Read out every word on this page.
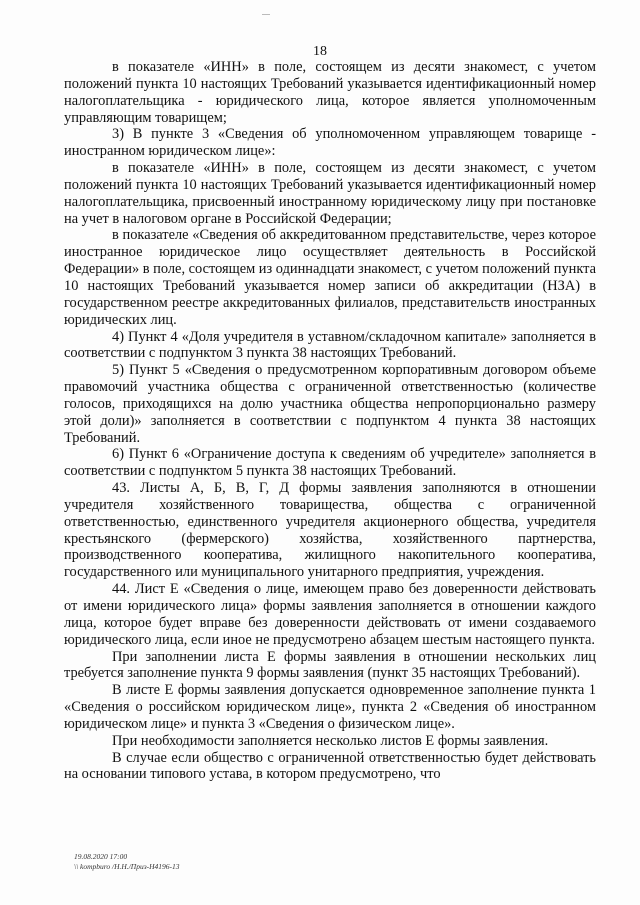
18

в показателе «ИНН» в поле, состоящем из десяти знакомест, с учетом положений пункта 10 настоящих Требований указывается идентификационный номер налогоплательщика - юридического лица, которое является уполномоченным управляющим товарищем;

3) В пункте 3 «Сведения об уполномоченном управляющем товарище - иностранном юридическом лице»:

в показателе «ИНН» в поле, состоящем из десяти знакомест, с учетом положений пункта 10 настоящих Требований указывается идентификационный номер налогоплательщика, присвоенный иностранному юридическому лицу при постановке на учет в налоговом органе в Российской Федерации;

в показателе «Сведения об аккредитованном представительстве, через которое иностранное юридическое лицо осуществляет деятельность в Российской Федерации» в поле, состоящем из одиннадцати знакомест, с учетом положений пункта 10 настоящих Требований указывается номер записи об аккредитации (НЗА) в государственном реестре аккредитованных филиалов, представительств иностранных юридических лиц.

4) Пункт 4 «Доля учредителя в уставном/складочном капитале» заполняется в соответствии с подпунктом 3 пункта 38 настоящих Требований.

5) Пункт 5 «Сведения о предусмотренном корпоративным договором объеме правомочий участника общества с ограниченной ответственностью (количестве голосов, приходящихся на долю участника общества непропорционально размеру этой доли)» заполняется в соответствии с подпунктом 4 пункта 38 настоящих Требований.

6) Пункт 6 «Ограничение доступа к сведениям об учредителе» заполняется в соответствии с подпунктом 5 пункта 38 настоящих Требований.

43. Листы А, Б, В, Г, Д формы заявления заполняются в отношении учредителя хозяйственного товарищества, общества с ограниченной ответственностью, единственного учредителя акционерного общества, учредителя крестьянского (фермерского) хозяйства, хозяйственного партнерства, производственного кооператива, жилищного накопительного кооператива, государственного или муниципального унитарного предприятия, учреждения.

44. Лист Е «Сведения о лице, имеющем право без доверенности действовать от имени юридического лица» формы заявления заполняется в отношении каждого лица, которое будет вправе без доверенности действовать от имени создаваемого юридического лица, если иное не предусмотрено абзацем шестым настоящего пункта.

При заполнении листа Е формы заявления в отношении нескольких лиц требуется заполнение пункта 9 формы заявления (пункт 35 настоящих Требований).

В листе Е формы заявления допускается одновременное заполнение пункта 1 «Сведения о российском юридическом лице», пункта 2 «Сведения об иностранном юридическом лице» и пункта 3 «Сведения о физическом лице».

При необходимости заполняется несколько листов Е формы заявления.

В случае если общество с ограниченной ответственностью будет действовать на основании типового устава, в котором предусмотрено, что

19.08.2020 17:00
\\ kompburo /Н.Н./Приз-Н4196-13
